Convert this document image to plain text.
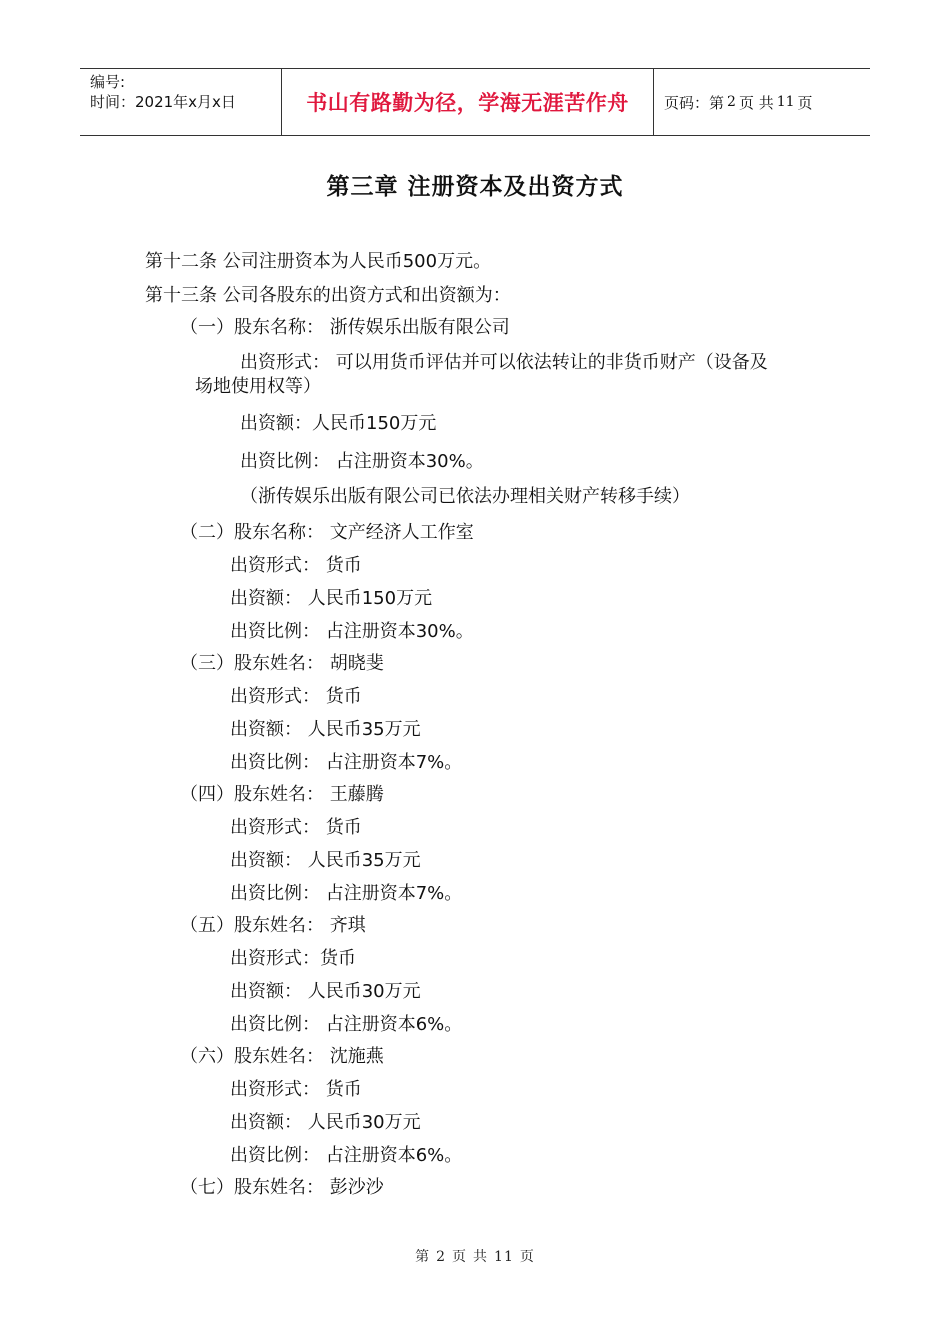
编号:
时间：2021年x月x日	书山有路勤为径，学海无涯苦作舟	页码：第 2 页 共 11 页
第三章 注册资本及出资方式
第十二条 公司注册资本为人民币500万元。
第十三条 公司各股东的出资方式和出资额为：
（一）股东名称： 浙传娱乐出版有限公司
出资形式： 可以用货币评估并可以依法转让的非货币财产（设备及
场地使用权等）
出资额：人民币150万元
出资比例： 占注册资本30%。
（浙传娱乐出版有限公司已依法办理相关财产转移手续）
（二）股东名称： 文产经济人工作室
出资形式： 货币
出资额： 人民币150万元
出资比例： 占注册资本30%。
（三）股东姓名： 胡晓斐
出资形式： 货币
出资额： 人民币35万元
出资比例： 占注册资本7%。
（四）股东姓名： 王藤腾
出资形式： 货币
出资额： 人民币35万元
出资比例： 占注册资本7%。
（五）股东姓名： 齐琪
出资形式：货币
出资额： 人民币30万元
出资比例： 占注册资本6%。
（六）股东姓名： 沈施燕
出资形式： 货币
出资额： 人民币30万元
出资比例： 占注册资本6%。
（七）股东姓名： 彭沙沙
第 2 页 共 11 页
